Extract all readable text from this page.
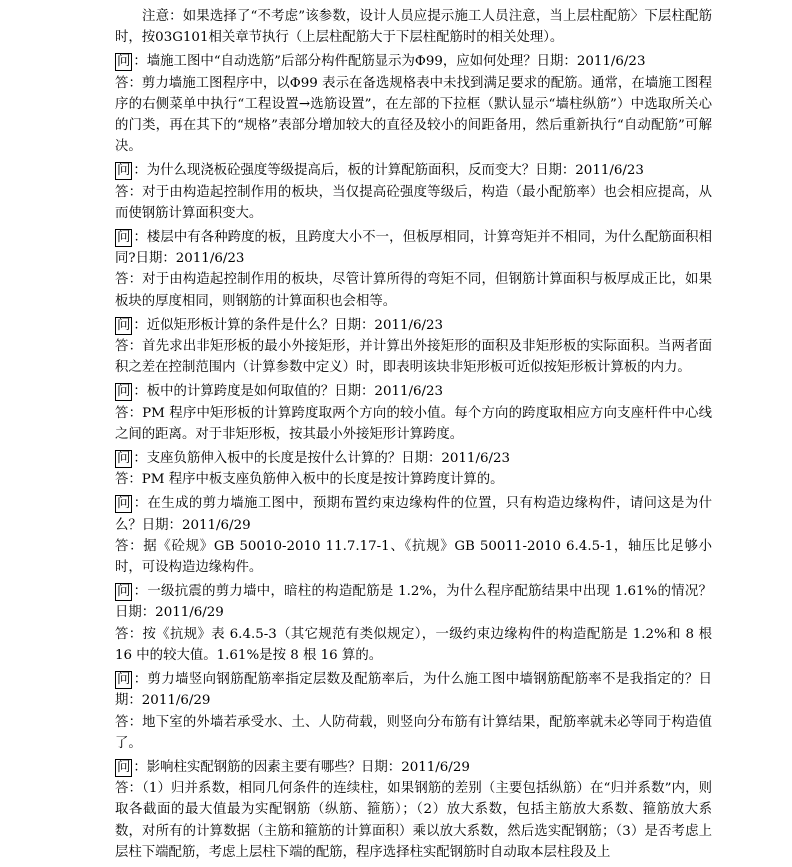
注意：如果选择了“不考虑”该参数，设计人员应提示施工人员注意，当上层柱配筋〉下层柱配筋时，按03G101相关章节执行（上层柱配筋大于下层柱配筋时的相关处理）。

问 ：墙施工图中“自动选筋”后部分构件配筋显示为Φ99，应如何处理？日期：2011/6/23

答：剪力墙施工图程序中，以Φ99 表示在备选规格表中未找到满足要求的配筋。通常，在墙施工图程序的右侧菜单中执行“工程设置→选筋设置”，在左部的下拉框（默认显示“墙柱纵筋”）中选取所关心的门类，再在其下的“规格”表部分增加较大的直径及较小的间距备用，然后重新执行“自动配筋”可解决。

问 ：为什么现浇板砼强度等级提高后，板的计算配筋面积，反而变大？日期：2011/6/23

答：对于由构造起控制作用的板块，当仅提高砼强度等级后，构造（最小配筋率）也会相应提高，从而使钢筋计算面积变大。

问 ：楼层中有各种跨度的板，且跨度大小不一，但板厚相同，计算弯矩并不相同，为什么配筋面积相同?日期：2011/6/23

答：对于由构造起控制作用的板块，尽管计算所得的弯矩不同，但钢筋计算面积与板厚成正比，如果板块的厚度相同，则钢筋的计算面积也会相等。

问 ：近似矩形板计算的条件是什么？日期：2011/6/23

答：首先求出非矩形板的最小外接矩形，并计算出外接矩形的面积及非矩形板的实际面积。当两者面积之差在控制范围内（计算参数中定义）时，即表明该块非矩形板可近似按矩形板计算板的内力。

问 ：板中的计算跨度是如何取值的？日期：2011/6/23

答：PM 程序中矩形板的计算跨度取两个方向的较小值。每个方向的跨度取相应方向支座杆件中心线之间的距离。对于非矩形板，按其最小外接矩形计算跨度。

问 ：支座负筋伸入板中的长度是按什么计算的？日期：2011/6/23

答：PM 程序中板支座负筋伸入板中的长度是按计算跨度计算的。

问 ：在生成的剪力墙施工图中，预期布置约束边缘构件的位置，只有构造边缘构件，请问这是为什么？日期：2011/6/29

答：据《砼规》GB 50010-2010 11.7.17-1、《抗规》GB 50011-2010 6.4.5-1，轴压比足够小时，可设构造边缘构件。

问 ：一级抗震的剪力墙中，暗柱的构造配筋是 1.2%，为什么程序配筋结果中出现 1.61%的情况？日期：2011/6/29

答：按《抗规》表 6.4.5-3（其它规范有类似规定），一级约束边缘构件的构造配筋是 1.2%和 8 根 16 中的较大值。1.61%是按 8 根 16 算的。

问 ：剪力墙竖向钢筋配筋率指定层数及配筋率后，为什么施工图中墙钢筋配筋率不是我指定的？日期：2011/6/29

答：地下室的外墙若承受水、土、人防荷载，则竖向分布筋有计算结果，配筋率就未必等同于构造值了。

问 ：影响柱实配钢筋的因素主要有哪些？日期：2011/6/29

答：（1）归并系数，相同几何条件的连续柱，如果钢筋的差别（主要包括纵筋）在“归并系数”内，则取各截面的最大值最为实配钢筋（纵筋、箍筋）；（2）放大系数，包括主筋放大系数、箍筋放大系数，对所有的计算数据（主筋和箍筋的计算面积）乘以放大系数，然后选实配钢筋；（3）是否考虑上层柱下端配筋，考虑上层柱下端的配筋，程序选择柱实配钢筋时自动取本层柱段及上
